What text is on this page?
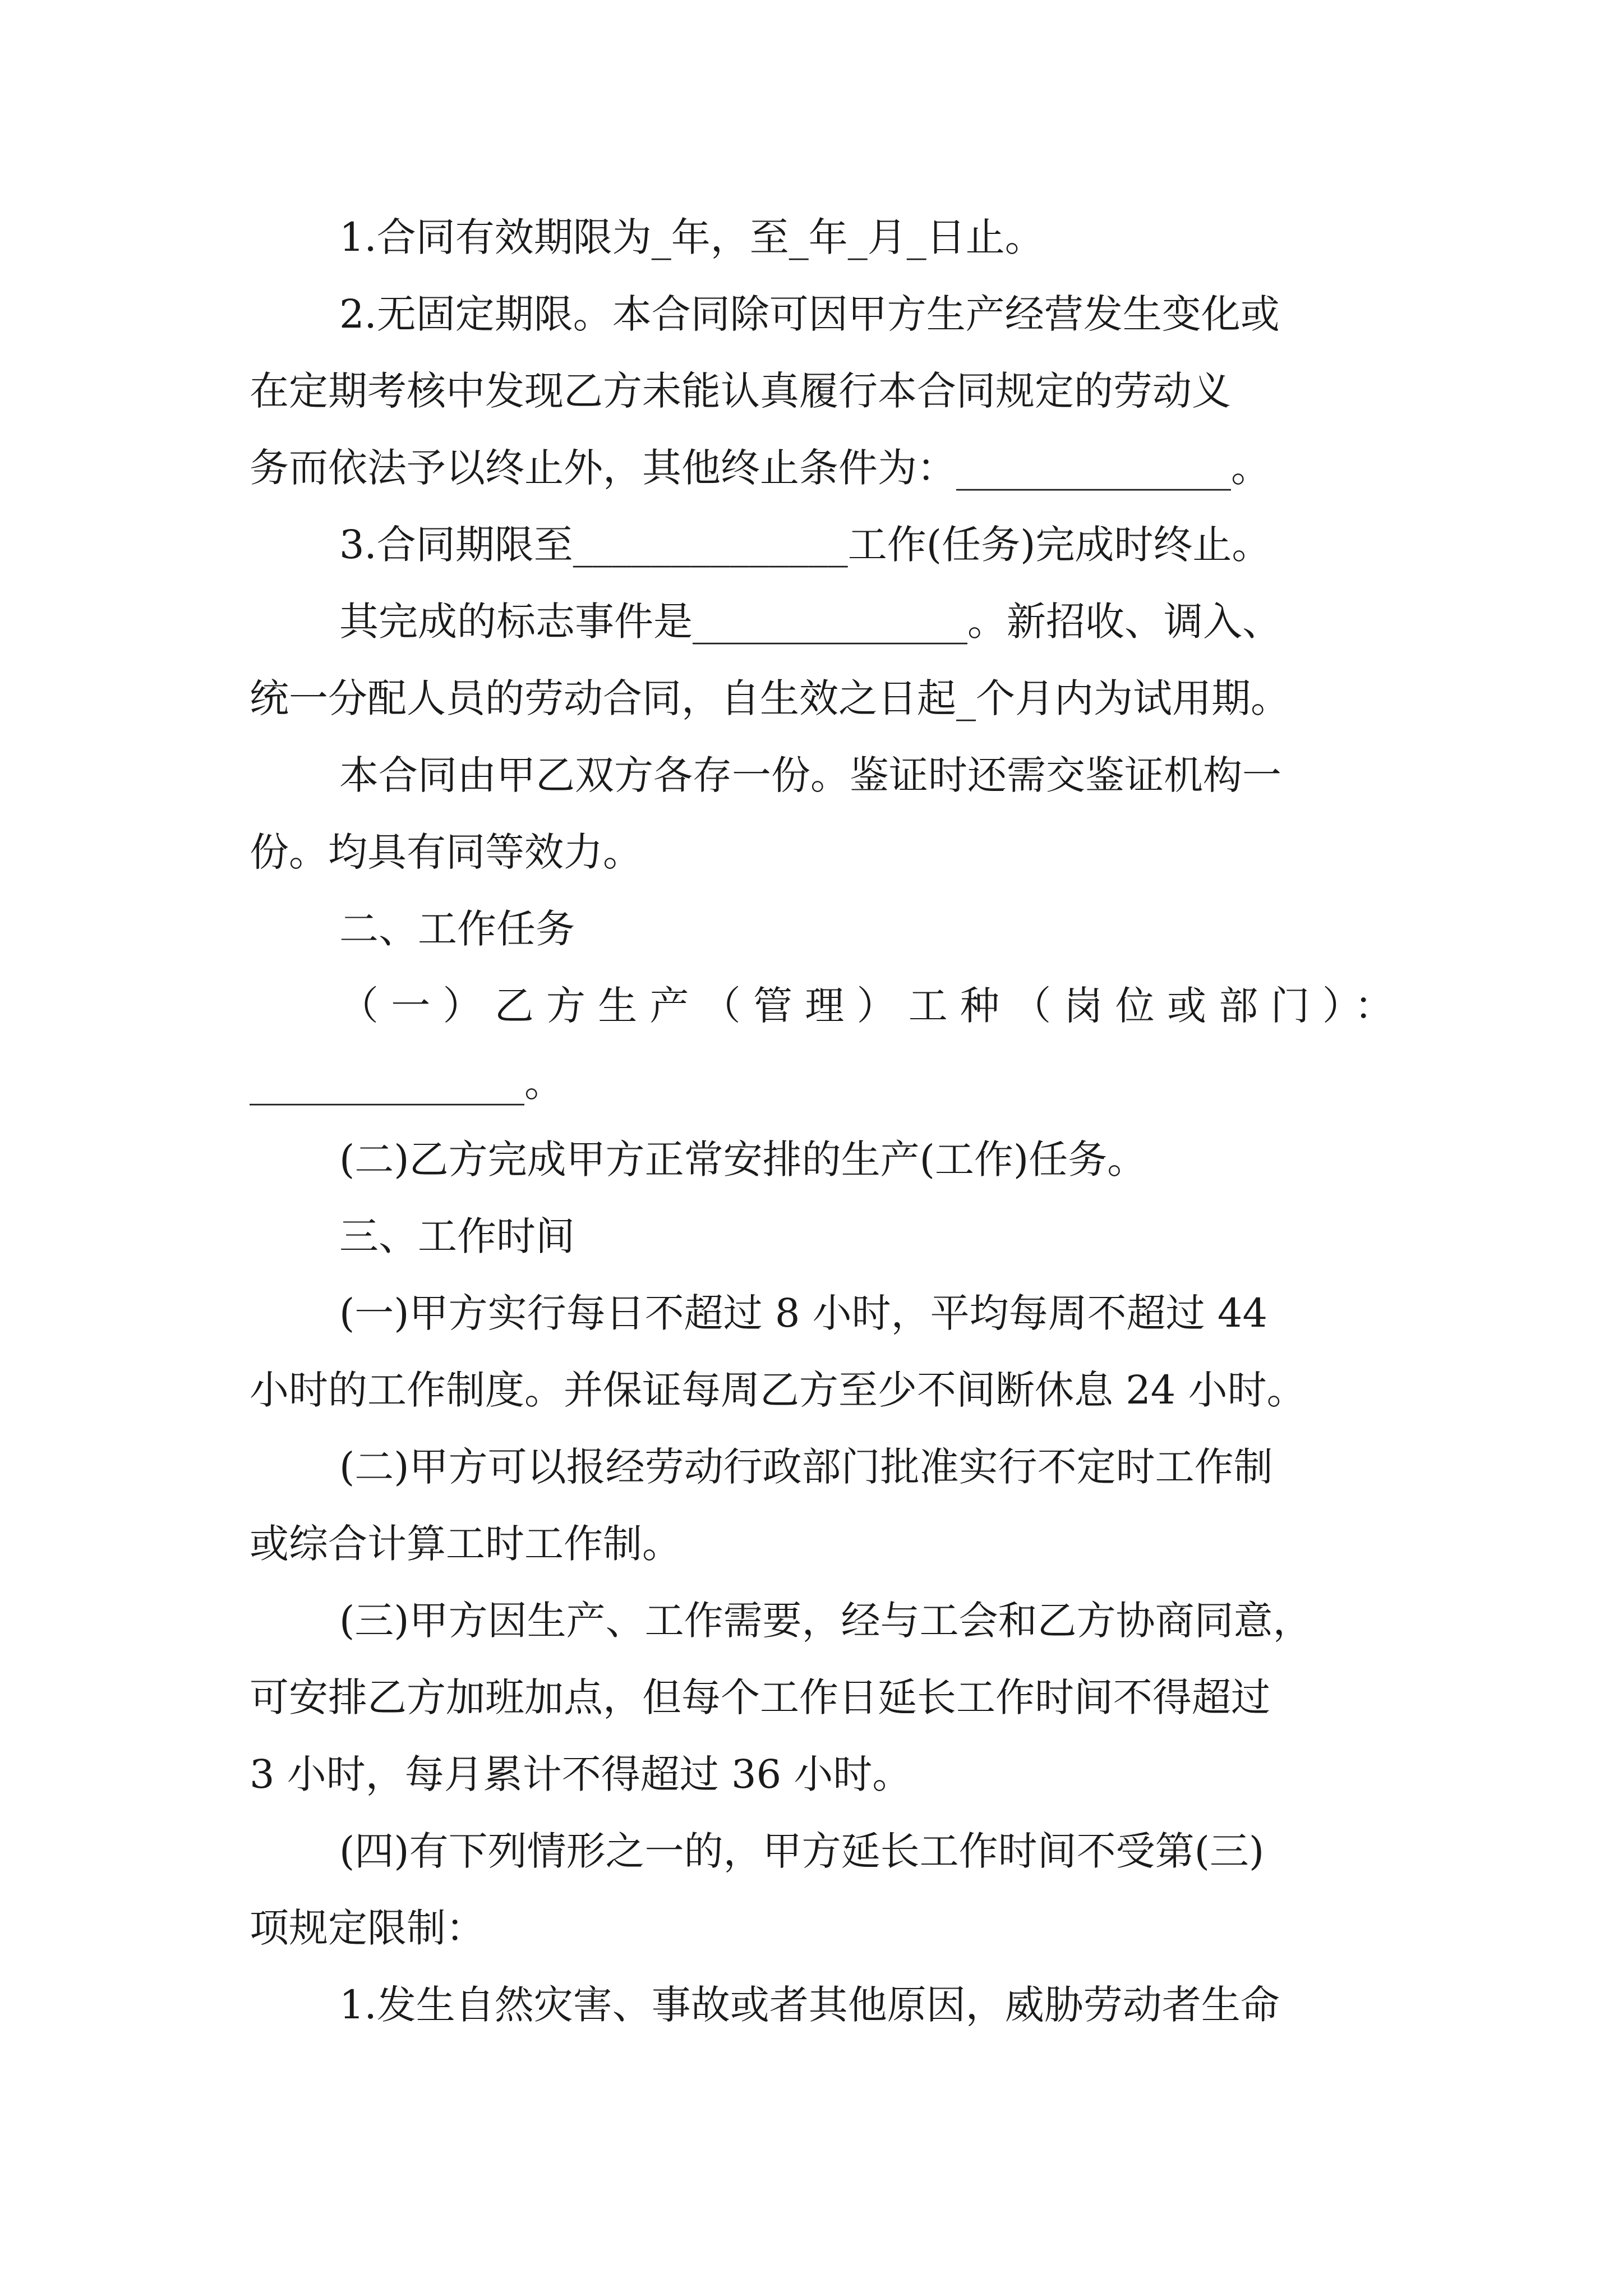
1.合同有效期限为_年，至_年_月_日止。

2.无固定期限。本合同除可因甲方生产经营发生变化或

在定期考核中发现乙方未能认真履行本合同规定的劳动义

务而依法予以终止外，其他终止条件为：______________。

3.合同期限至______________工作(任务)完成时终止。

其完成的标志事件是______________。新招收、调入、

统一分配人员的劳动合同，自生效之日起_个月内为试用期。

本合同由甲乙双方各存一份。鉴证时还需交鉴证机构一

份。均具有同等效力。

二、工作任务

（一）乙方生产（管理）工种（岗位或部门）：

______________。

(二)乙方完成甲方正常安排的生产(工作)任务。

三、工作时间

(一)甲方实行每日不超过 8 小时，平均每周不超过 44

小时的工作制度。并保证每周乙方至少不间断休息 24 小时。

(二)甲方可以报经劳动行政部门批准实行不定时工作制

或综合计算工时工作制。

(三)甲方因生产、工作需要，经与工会和乙方协商同意，

可安排乙方加班加点，但每个工作日延长工作时间不得超过

3 小时，每月累计不得超过 36 小时。

(四)有下列情形之一的，甲方延长工作时间不受第(三)

项规定限制：

1.发生自然灾害、事故或者其他原因，威胁劳动者生命
